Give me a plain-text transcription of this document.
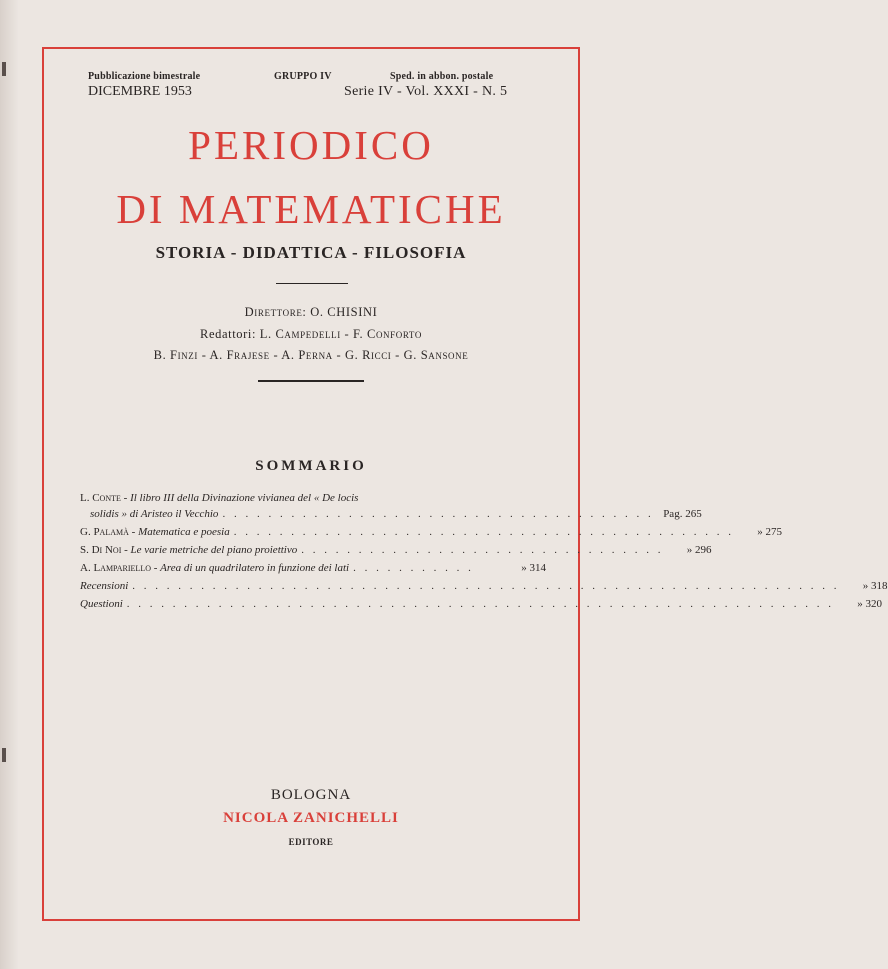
Pubblicazione bimestrale	GRUPPO IV	Sped. in abbon. postale
DICEMBRE 1953	Serie IV - Vol. XXXI - N. 5
PERIODICO
DI MATEMATICHE
STORIA - DIDATTICA - FILOSOFIA
Direttore: O. CHISINI
Redattori: L. Campedelli - F. Conforto
B. Finzi - A. Frajese - A. Perna - G. Ricci - G. Sansone
SOMMARIO
L. Conte - Il libro III della Divinazione vivianea del « De locis
solidis » di Aristeo il Vecchio . . . . . . . . . . . . . . . . . . . . . . . . . . . . . . . . . . . . . . Pag. 265
G. Palamà - Matematica e poesia . . . . . . . . . . . . . . . . . . . . . . . . . . . . . . . . . . . . . . . . . . . .	» 275
S. Di Noi - Le varie metriche del piano proiettivo . . . . . . . . . . . . . . . . . . . . . . . . . . . . . . . .	» 296
A. Lampariello - Area di un quadrilatero in funzione dei lati . . . . . . . . . . .	» 314
Recensioni . . . . . . . . . . . . . . . . . . . . . . . . . . . . . . . . . . . . . . . . . . . . . . . . . . . . . . . . . . . . . .	» 318
Questioni . . . . . . . . . . . . . . . . . . . . . . . . . . . . . . . . . . . . . . . . . . . . . . . . . . . . . . . . . . . . . .	» 320
BOLOGNA
NICOLA ZANICHELLI
EDITORE
